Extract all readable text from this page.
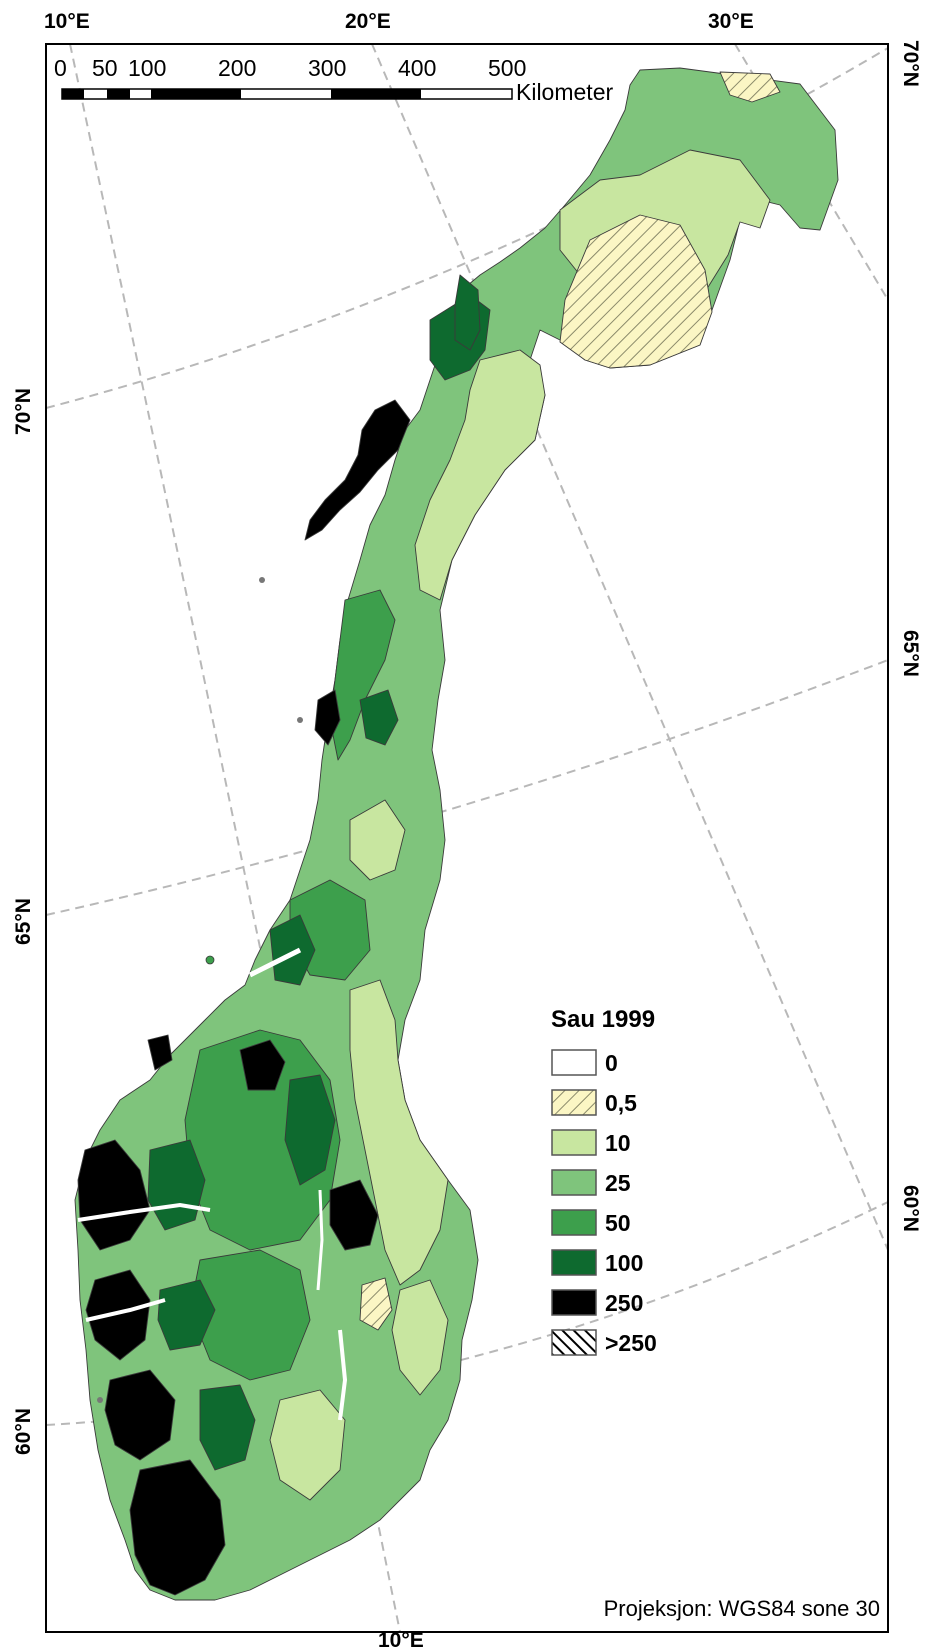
10°E	20°E	30°E
10°E
70°N
65°N
60°N
70°N
65°N
60°N
0 50 100 200 300 400 500
Kilometer
Sau 1999
0
0,5
10
25
50
100
250
>250
Projeksjon: WGS84 sone 30
